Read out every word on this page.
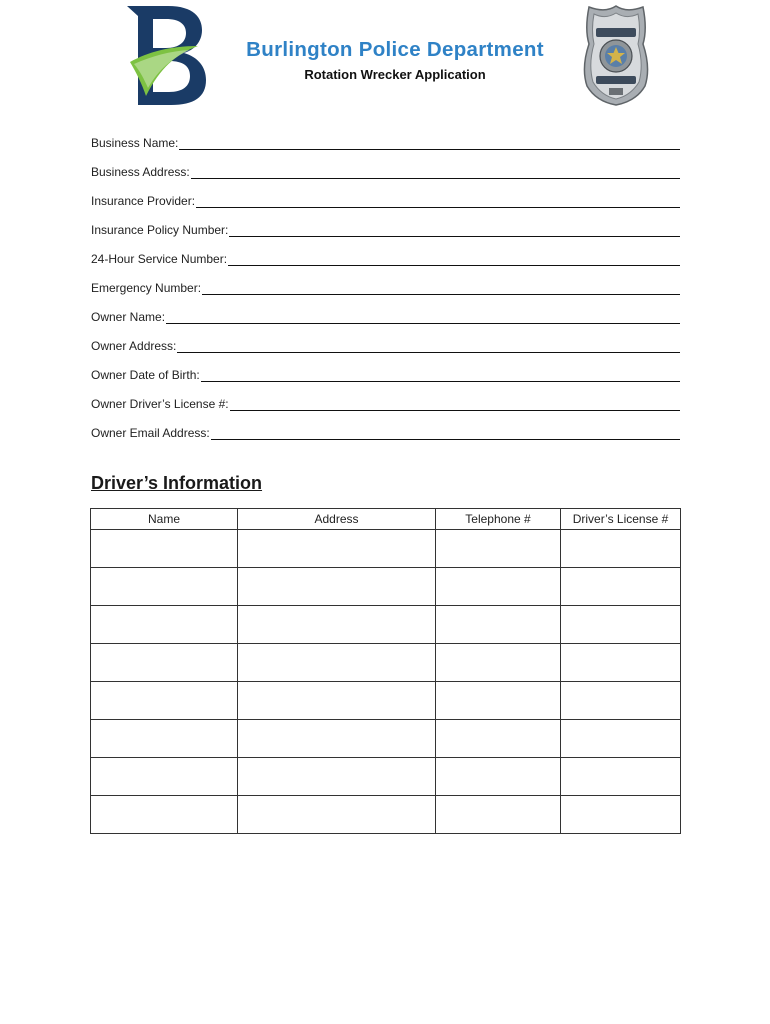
Burlington Police Department
Rotation Wrecker Application
Business Name:
Business Address:
Insurance Provider:
Insurance Policy Number:
24-Hour Service Number:
Emergency Number:
Owner Name:
Owner Address:
Owner Date of Birth:
Owner Driver’s License #:
Owner Email Address:
Driver’s Information
Name	Address	Telephone #	Driver’s License #
